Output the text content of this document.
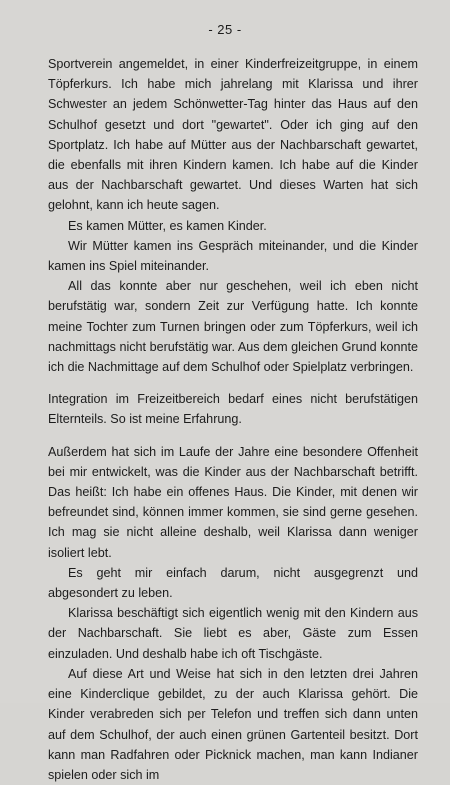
- 25 -

Sportverein angemeldet, in einer Kinderfreizeitgruppe, in einem Töpferkurs. Ich habe mich jahrelang mit Klarissa und ihrer Schwester an jedem Schönwetter-Tag hinter das Haus auf den Schulhof gesetzt und dort "gewartet". Oder ich ging auf den Sportplatz. Ich habe auf Mütter aus der Nachbarschaft gewartet, die ebenfalls mit ihren Kindern kamen. Ich habe auf die Kinder aus der Nachbarschaft gewartet. Und dieses Warten hat sich gelohnt, kann ich heute sagen.

Es kamen Mütter, es kamen Kinder.

Wir Mütter kamen ins Gespräch miteinander, und die Kinder kamen ins Spiel miteinander.

All das konnte aber nur geschehen, weil ich eben nicht berufstätig war, sondern Zeit zur Verfügung hatte. Ich konnte meine Tochter zum Turnen bringen oder zum Töpferkurs, weil ich nachmittags nicht berufstätig war. Aus dem gleichen Grund konnte ich die Nachmittage auf dem Schulhof oder Spielplatz verbringen.

Integration im Freizeitbereich bedarf eines nicht berufstätigen Elternteils. So ist meine Erfahrung.

Außerdem hat sich im Laufe der Jahre eine besondere Offenheit bei mir entwickelt, was die Kinder aus der Nachbarschaft betrifft. Das heißt: Ich habe ein offenes Haus. Die Kinder, mit denen wir befreundet sind, können immer kommen, sie sind gerne gesehen. Ich mag sie nicht alleine deshalb, weil Klarissa dann weniger isoliert lebt.

Es geht mir einfach darum, nicht ausgegrenzt und abgesondert zu leben.

Klarissa beschäftigt sich eigentlich wenig mit den Kindern aus der Nachbarschaft. Sie liebt es aber, Gäste zum Essen einzuladen. Und deshalb habe ich oft Tischgäste.

Auf diese Art und Weise hat sich in den letzten drei Jahren eine Kinderclique gebildet, zu der auch Klarissa gehört. Die Kinder verabreden sich per Telefon und treffen sich dann unten auf dem Schulhof, der auch einen grünen Gartenteil besitzt. Dort kann man Radfahren oder Picknick machen, man kann Indianer spielen oder sich im
